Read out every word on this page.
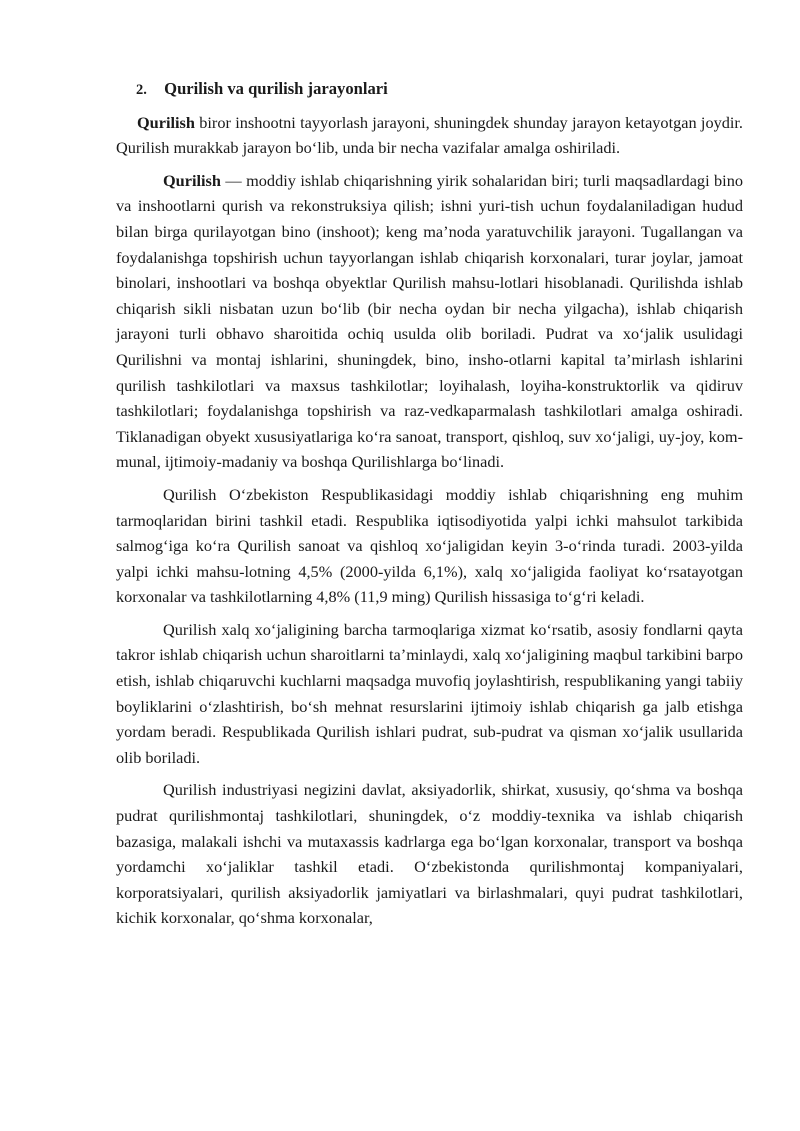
2. Qurilish va qurilish jarayonlari

Qurilish biror inshootni tayyorlash jarayoni, shuningdek shunday jarayon ketayotgan joydir. Qurilish murakkab jarayon bo‘lib, unda bir necha vazifalar amalga oshiriladi.

Qurilish — moddiy ishlab chiqarishning yirik sohalaridan biri; turli maqsadlardagi bino va inshootlarni qurish va rekonstruksiya qilish; ishni yuri-tish uchun foydalaniladigan hudud bilan birga qurilayotgan bino (inshoot); keng ma’noda yaratuvchilik jarayoni. Tugallangan va foydalanishga topshirish uchun tayyorlangan ishlab chiqarish korxonalari, turar joylar, jamoat binolari, inshootlari va boshqa obyektlar Qurilish mahsu-lotlari hisoblanadi. Qurilishda ishlab chiqarish sikli nisbatan uzun bo‘lib (bir necha oydan bir necha yilgacha), ishlab chiqarish jarayoni turli obhavo sharoitida ochiq usulda olib boriladi. Pudrat va xo‘jalik usulidagi Qurilishni va montaj ishlarini, shuningdek, bino, insho-otlarni kapital ta’mirlash ishlarini qurilish tashkilotlari va maxsus tashkilotlar; loyihalash, loyiha-konstruktorlik va qidiruv tashkilotlari; foydalanishga topshirish va raz-vedkaparmalash tashkilotlari amalga oshiradi. Tiklanadigan obyekt xususiyatlariga ko‘ra sanoat, transport, qishloq, suv xo‘jaligi, uy-joy, kom-munal, ijtimoiy-madaniy va boshqa Qurilishlarga bo‘linadi.

Qurilish O‘zbekiston Respublikasidagi moddiy ishlab chiqarishning eng muhim tarmoqlaridan birini tashkil etadi. Respublika iqtisodiyotida yalpi ichki mahsulot tarkibida salmog‘iga ko‘ra Qurilish sanoat va qishloq xo‘jaligidan keyin 3-o‘rinda turadi. 2003-yilda yalpi ichki mahsu-lotning 4,5% (2000-yilda 6,1%), xalq xo‘jaligida faoliyat ko‘rsatayotgan korxonalar va tashkilotlarning 4,8% (11,9 ming) Qurilish hissasiga to‘g‘ri keladi.

Qurilish xalq xo‘jaligining barcha tarmoqlariga xizmat ko‘rsatib, asosiy fondlarni qayta takror ishlab chiqarish uchun sharoitlarni ta’minlaydi, xalq xo‘jaligining maqbul tarkibini barpo etish, ishlab chiqaruvchi kuchlarni maqsadga muvofiq joylashtirish, respublikaning yangi tabiiy boyliklarini o‘zlashtirish, bo‘sh mehnat resurslarini ijtimoiy ishlab chiqarish ga jalb etishga yordam beradi. Respublikada Qurilish ishlari pudrat, sub-pudrat va qisman xo‘jalik usullarida olib boriladi.

Qurilish industriyasi negizini davlat, aksiyadorlik, shirkat, xususiy, qo‘shma va boshqa pudrat qurilishmontaj tashkilotlari, shuningdek, o‘z moddiy-texnika va ishlab chiqarish bazasiga, malakali ishchi va mutaxassis kadrlarga ega bo‘lgan korxonalar, transport va boshqa yordamchi xo‘jaliklar tashkil etadi. O‘zbekistonda qurilishmontaj kompaniyalari, korporatsiyalari, qurilish aksiyadorlik jamiyatlari va birlashmalari, quyi pudrat tashkilotlari, kichik korxonalar, qo‘shma korxonalar,
